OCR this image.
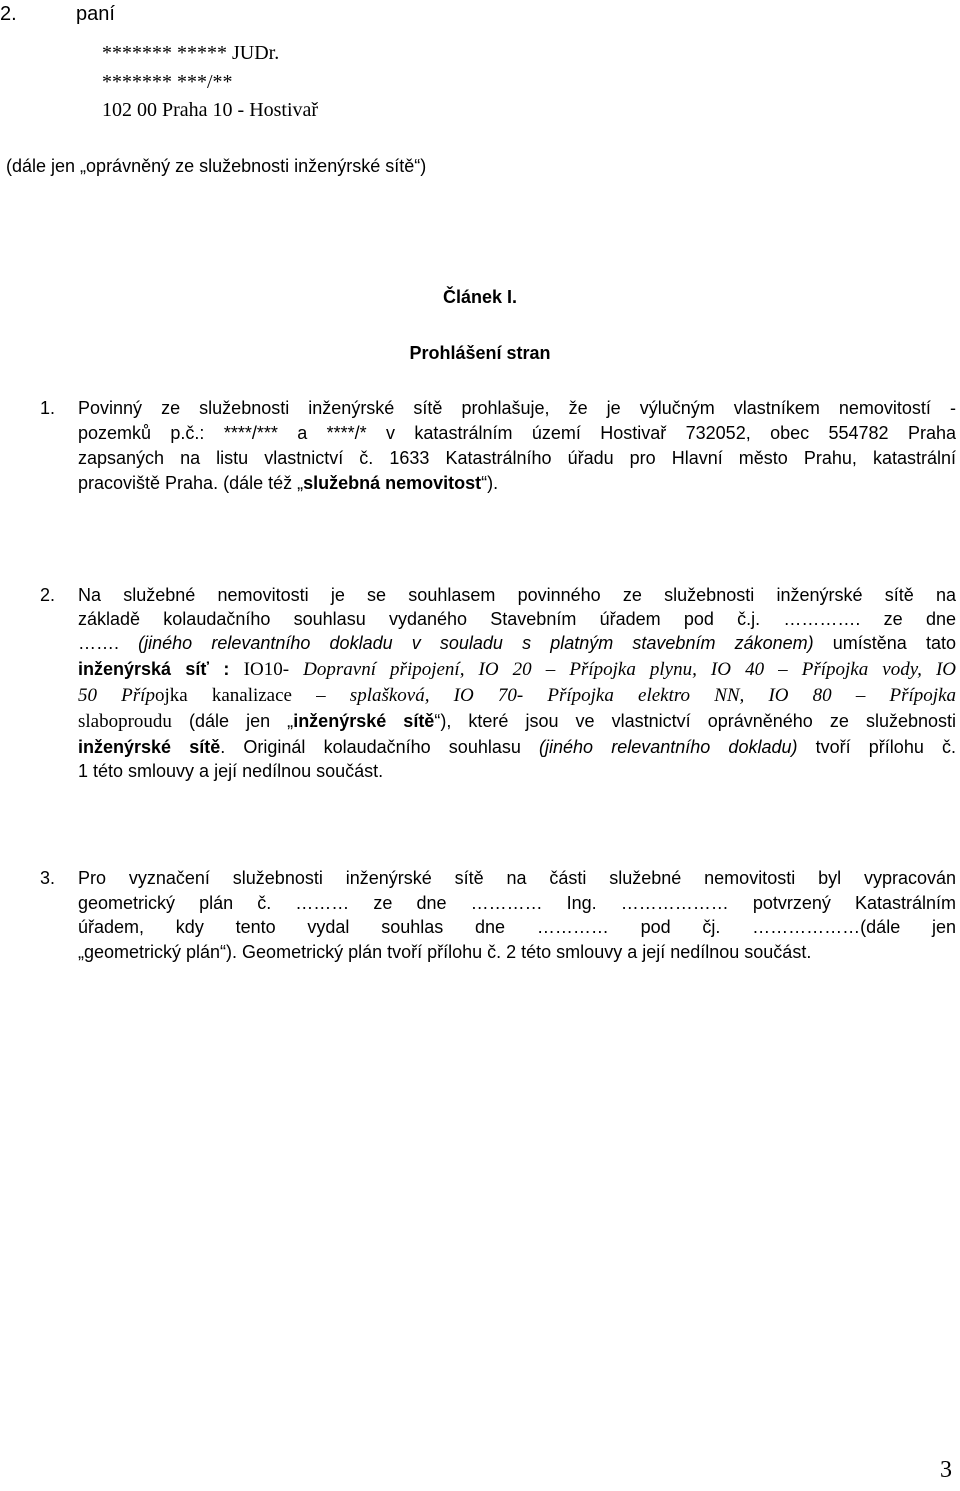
2.	paní
******* ***** JUDr.
******* ***/**
102 00 Praha 10 - Hostivař
(dále jen „oprávněný ze služebnosti inženýrské sítě“)
Článek I.
Prohlášení stran
1. Povinný ze služebnosti inženýrské sítě prohlašuje, že je výlučným vlastníkem nemovitostí -
pozemků p.č.: ****/*** a ****/* v katastrálním území Hostivař 732052, obec 554782 Praha
zapsaných na listu vlastnictví č. 1633 Katastrálního úřadu pro Hlavní město Prahu, katastrální
pracoviště Praha. (dále též „služebná nemovitost“).
2. Na služebné nemovitosti je se souhlasem povinného ze služebnosti inženýrské sítě na
základě kolaudačního souhlasu vydaného Stavebním úřadem pod č.j. …………. ze dne
……. (jiného relevantního dokladu v souladu s platným stavebním zákonem) umístěna tato
inženýrská síť : IO10- Dopravní připojení, IO 20 – Přípojka plynu, IO 40 – Přípojka vody, IO
50 Přípojka kanalizace – splašková, IO 70- Přípojka elektro NN, IO 80 – Přípojka
slaboproudu (dále jen „inženýrské sítě“), které jsou ve vlastnictví oprávněného ze služebnosti
inženýrské sítě. Originál kolaudačního souhlasu (jiného relevantního dokladu) tvoří přílohu č.
1 této smlouvy a její nedílnou součást.
3. Pro vyznačení služebnosti inženýrské sítě na části služebné nemovitosti byl vypracován
geometrický plán č. ……… ze dne ………… Ing. ……………… potvrzený Katastrálním
úřadem, kdy tento vydal souhlas dne ………… pod čj. ………………(dále jen
„geometrický plán“). Geometrický plán tvoří přílohu č. 2 této smlouvy a její nedílnou součást.
3
